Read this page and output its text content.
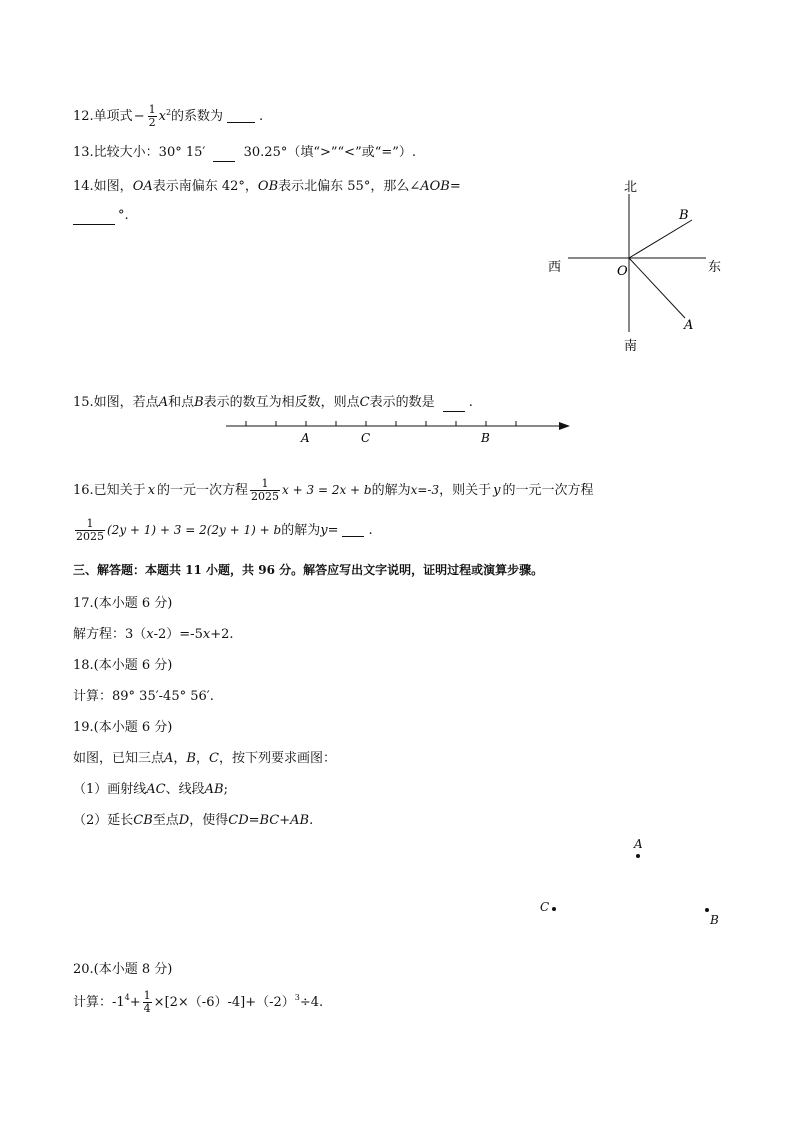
12.单项式 − $\frac{1}{2} x^2$ 的系数为
	.
13.比较大小：30° 15′	30.25°（填“>”“<”或“=”）.
14.如图，OA表示南偏东 42°，OB表示北偏东 55°，那么∠AOB=
°.
北
南
西	东
O
B
A
15.如图，若点A和点B表示的数互为相反数，则点C表示的数是	.
A	C	B
16.已知关于 x 的一元一次方程 $\frac{1}{2025}$ x + 3 = 2x + b 的解为 x=-3 ，则关于 y 的一元一次方程
$\frac{1}{2025} (2y + 1) + 3 = 2(2y + 1) + b$ 的解为 y =
.
三、解答题：本题共 11 小题，共 96 分。解答应写出文字说明，证明过程或演算步骤。
17.(本小题 6 分)
解方程：3（x-2）=-5x+2.
18.(本小题 6 分)
计算：89° 35′-45° 56′.
19.(本小题 6 分)
如图，已知三点A，B，C，按下列要求画图：
（1）画射线AC、线段AB;
（2）延长CB至点D，使得CD=BC+AB.
A
C
B
20.(本小题 8 分)
计算：$-1^4 + \frac{1}{4} \times[2\times(-6)-4]+(-2)^3 \div 4$.
